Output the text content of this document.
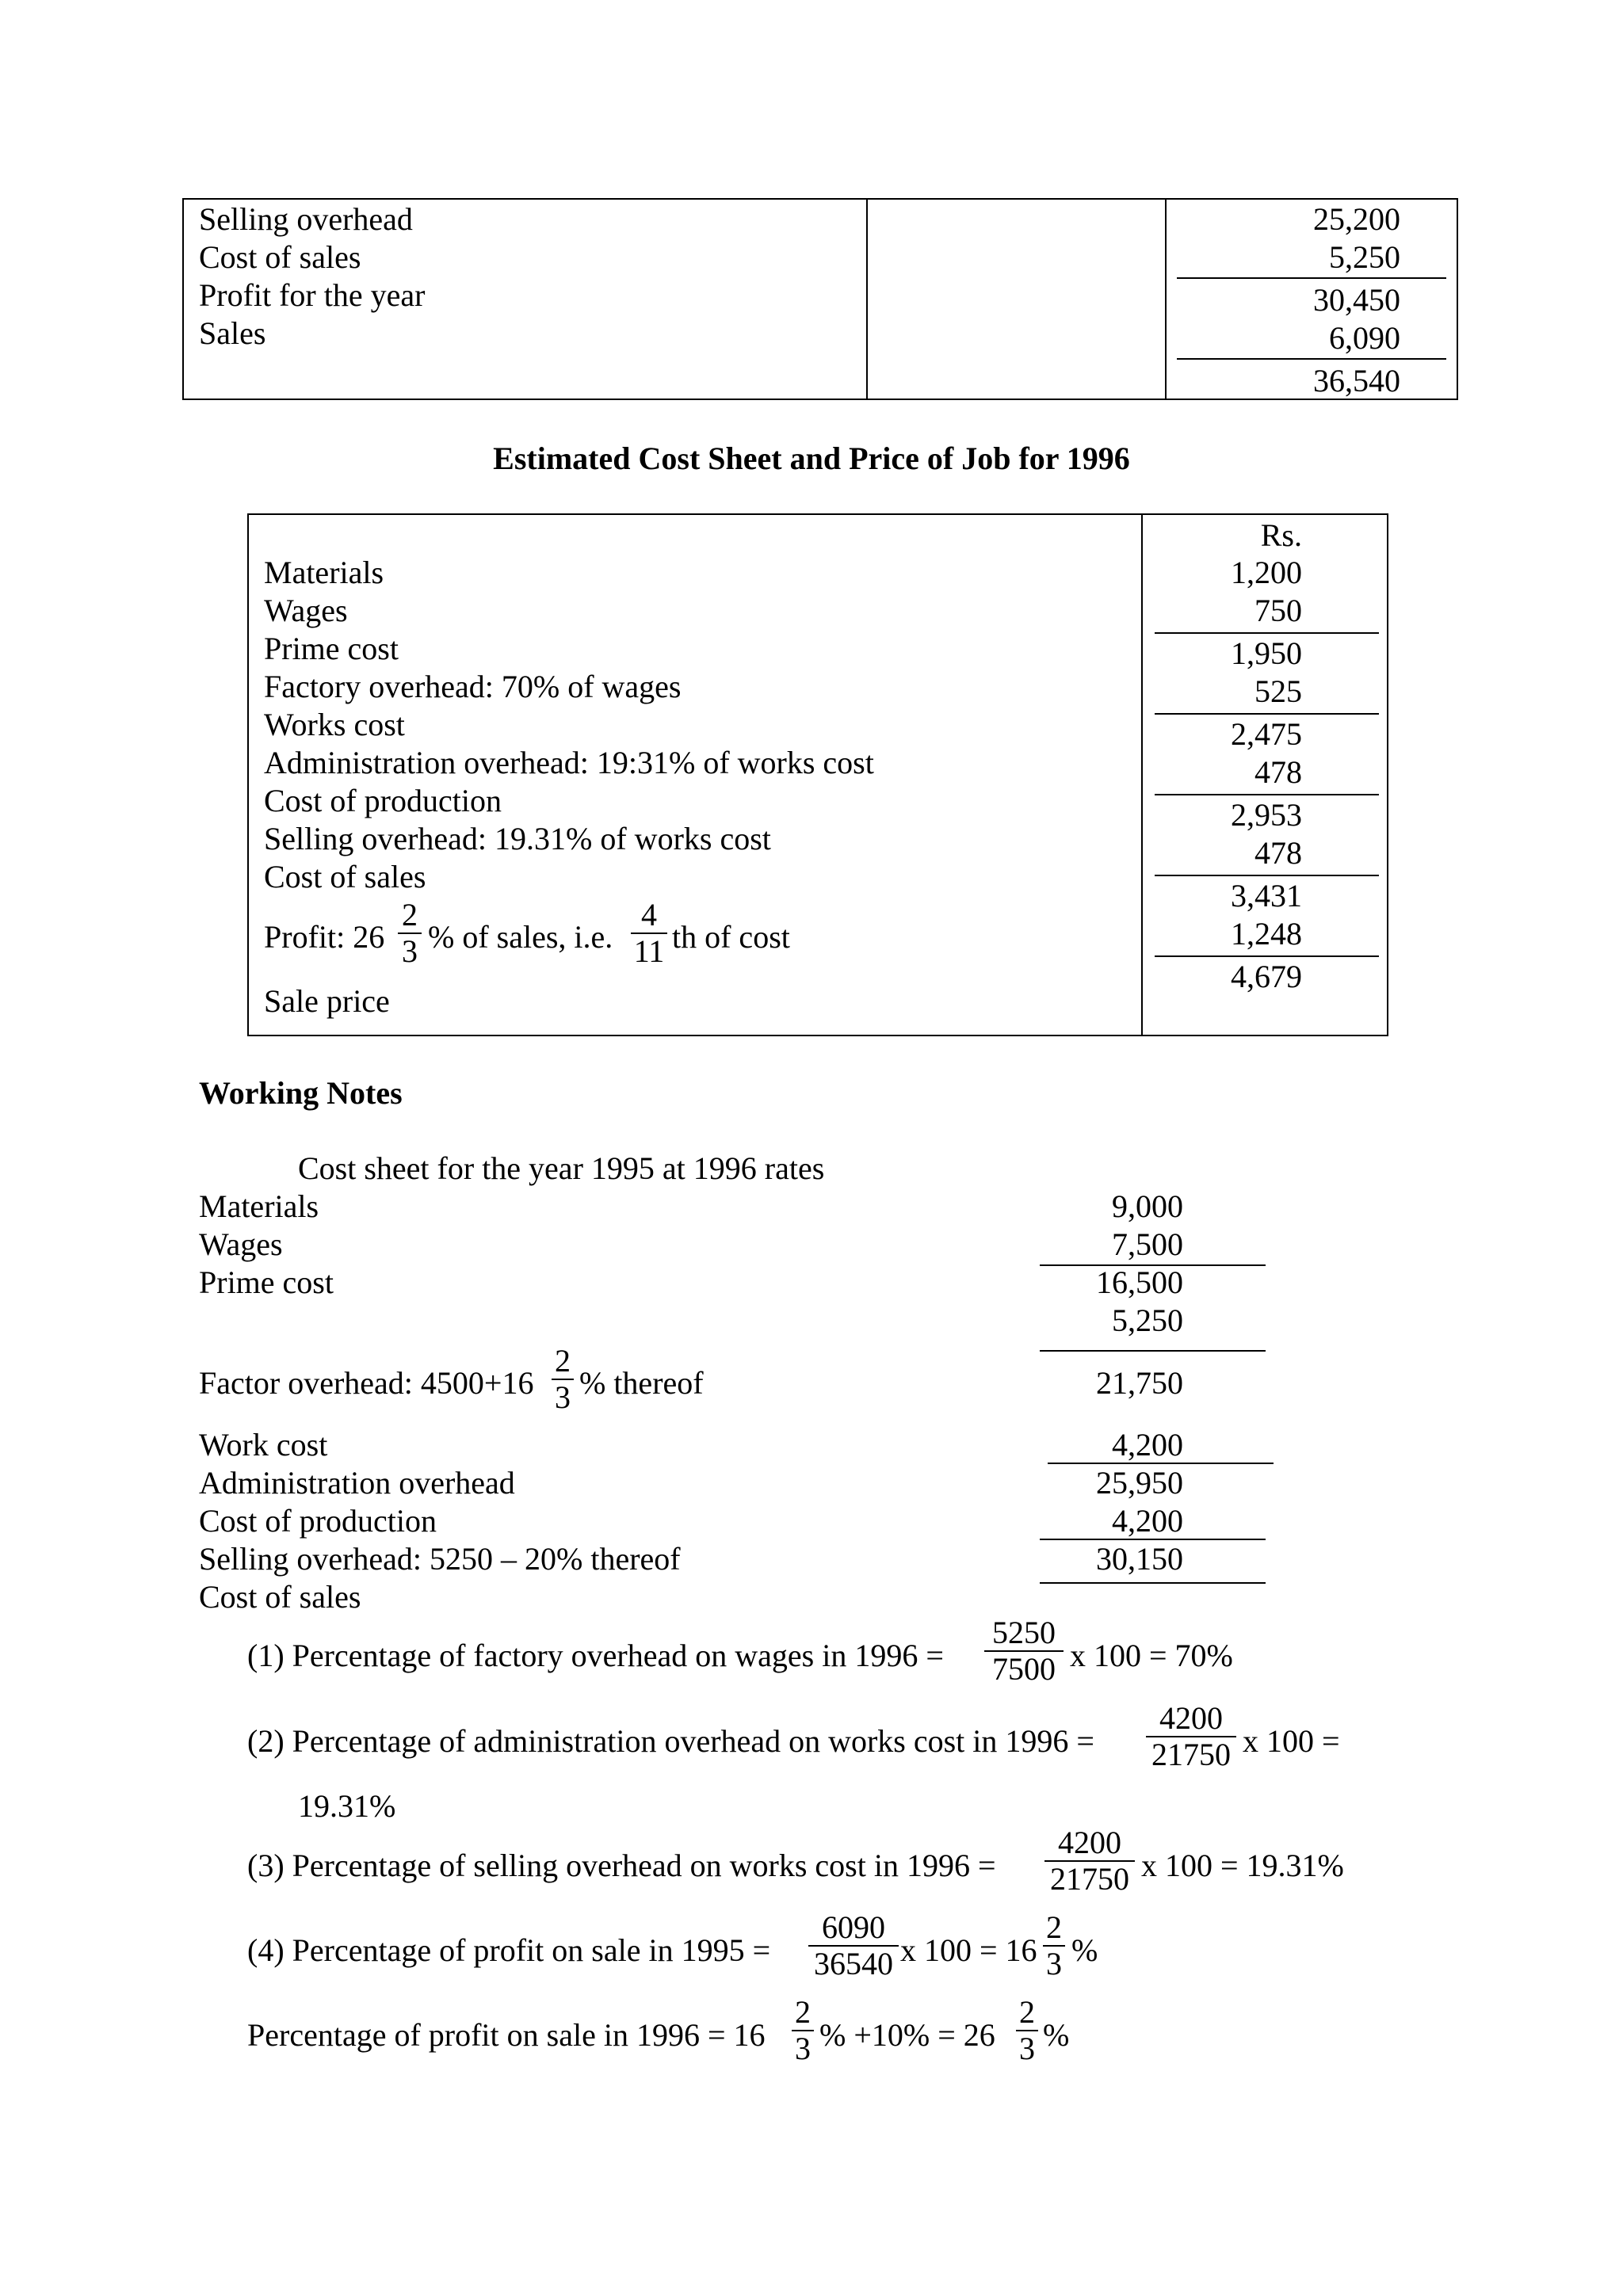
Selling overhead
Cost of sales
Profit for the year
Sales
25,200
5,250
30,450
6,090
36,540
Estimated Cost Sheet and Price of Job for 1996
Rs.
Materials
Wages
Prime cost
Factory overhead: 70% of wages
Works cost
Administration overhead: 19:31% of works cost
Cost of production
Selling overhead: 19.31% of works cost
Cost of sales
Profit: 26
2
3 % of sales, i.e.
4
11 th of cost
Sale price
1,200
750
1,950
525
2,475
478
2,953
478
3,431
1,248
4,679
Working Notes
Cost sheet for the year 1995 at 1996 rates
Materials
Wages
Prime cost
Factor overhead: 4500+16
2
3 % thereof
Work cost
Administration overhead
Cost of production
Selling overhead: 5250 – 20% thereof
Cost of sales
9,000
7,500
16,500
5,250
21,750
4,200
25,950
4,200
30,150
(1) Percentage of factory overhead on wages in 1996 =
5250
7500 x 100 = 70%
(2) Percentage of administration overhead on works cost in 1996 =
4200
21750 x 100 =
19.31%
(3) Percentage of selling overhead on works cost in 1996 =
4200
21750 x 100 = 19.31%
(4) Percentage of profit on sale in 1995 =
6090
36540 x 100 = 16
2
3 %
Percentage of profit on sale in 1996 = 16
2
3 % +10% = 26
2
3 %
